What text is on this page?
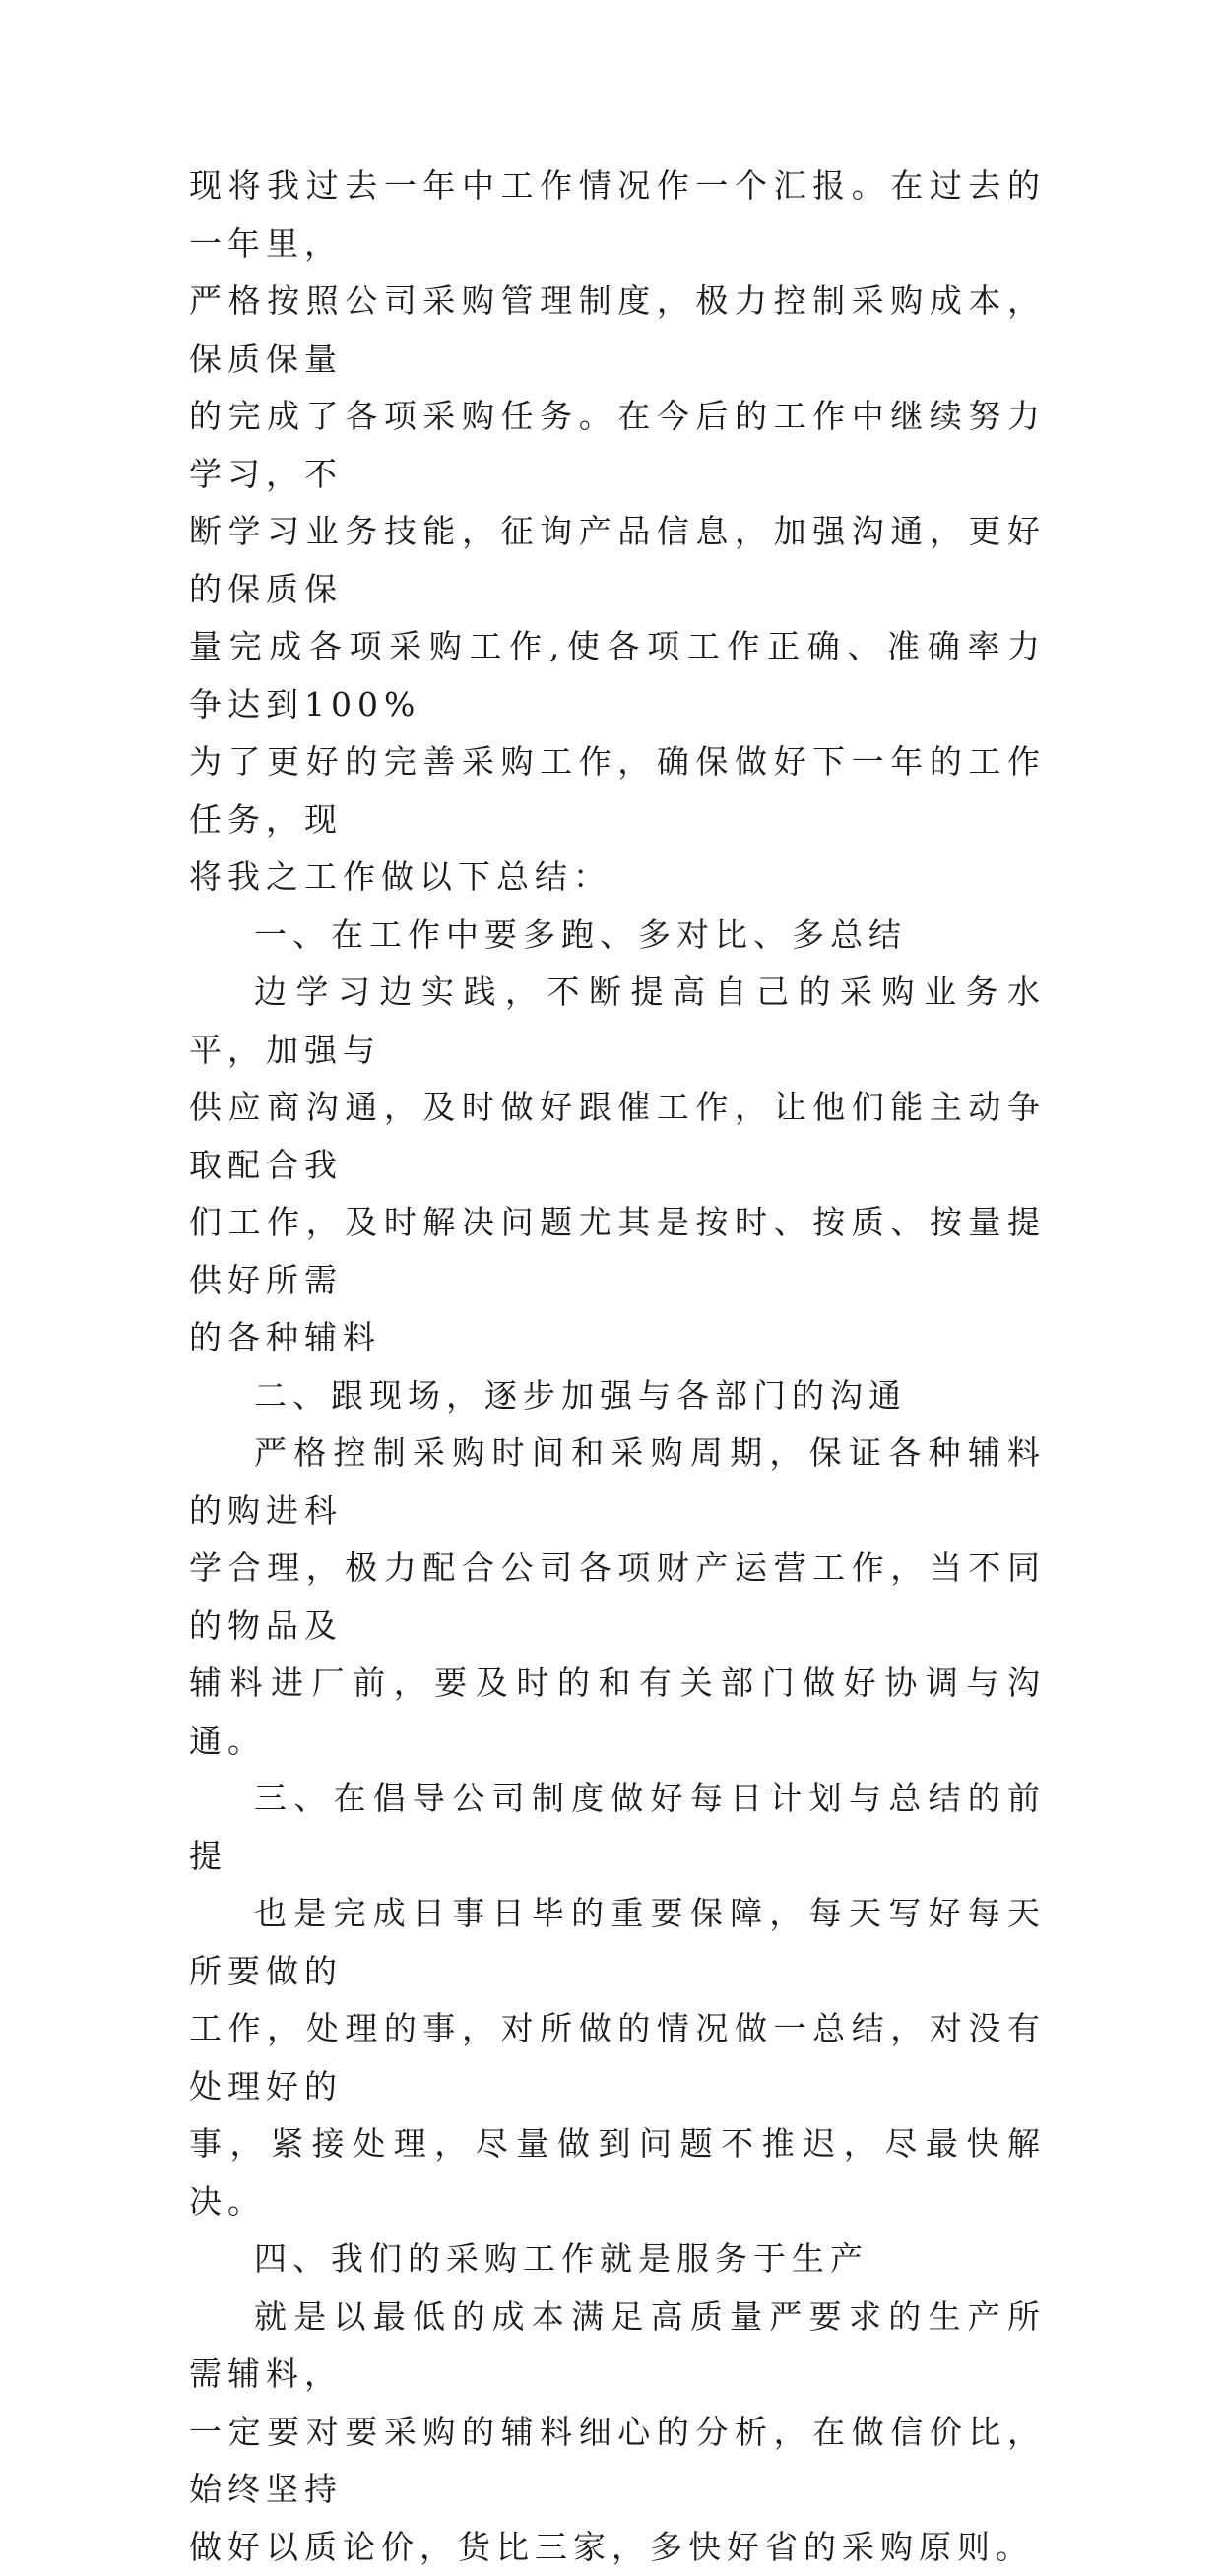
现将我过去一年中工作情况作一个汇报。在过去的一年里，
严格按照公司采购管理制度，极力控制采购成本，保质保量
的完成了各项采购任务。在今后的工作中继续努力学习，不
断学习业务技能，征询产品信息，加强沟通，更好的保质保
量完成各项采购工作,使各项工作正确、准确率力争达到100%
为了更好的完善采购工作，确保做好下一年的工作任务，现
将我之工作做以下总结：

一、在工作中要多跑、多对比、多总结

边学习边实践，不断提高自己的采购业务水平，加强与
供应商沟通，及时做好跟催工作，让他们能主动争取配合我
们工作，及时解决问题尤其是按时、按质、按量提供好所需
的各种辅料

二、跟现场，逐步加强与各部门的沟通

严格控制采购时间和采购周期，保证各种辅料的购进科
学合理，极力配合公司各项财产运营工作，当不同的物品及
辅料进厂前，要及时的和有关部门做好协调与沟通。

三、在倡导公司制度做好每日计划与总结的前提

也是完成日事日毕的重要保障，每天写好每天所要做的
工作，处理的事，对所做的情况做一总结，对没有处理好的
事，紧接处理，尽量做到问题不推迟，尽最快解决。

四、我们的采购工作就是服务于生产

就是以最低的成本满足高质量严要求的生产所需辅料，
一定要对要采购的辅料细心的分析，在做信价比，始终坚持
做好以质论价，货比三家，多快好省的采购原则。
